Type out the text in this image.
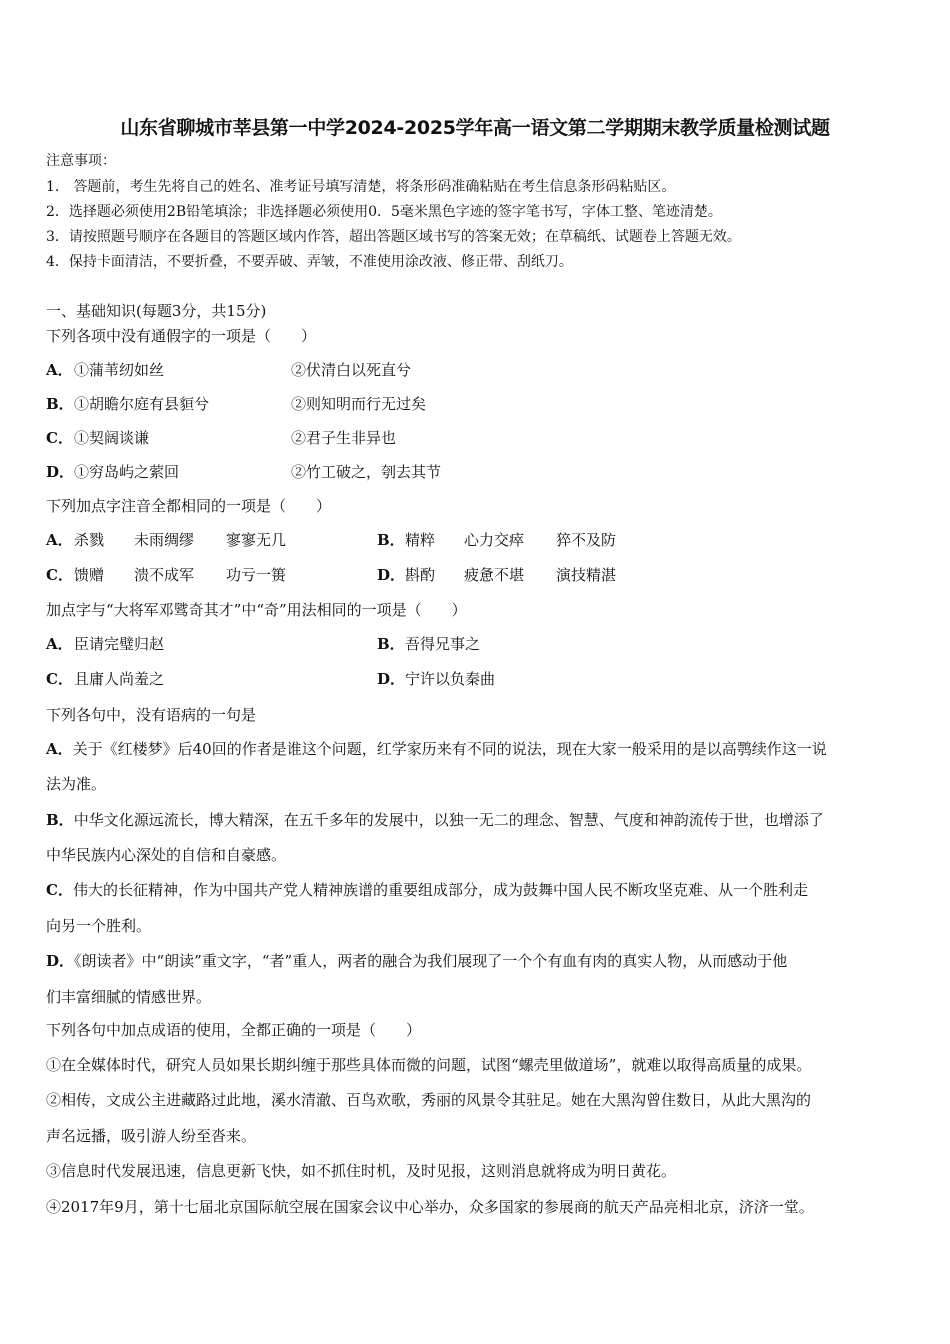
山东省聊城市莘县第一中学2024-2025学年高一语文第二学期期末教学质量检测试题
注意事项：
1.　答题前，考生先将自己的姓名、准考证号填写清楚，将条形码准确粘贴在考生信息条形码粘贴区。
2．选择题必须使用2B铅笔填涂；非选择题必须使用0．5毫米黑色字迹的签字笔书写，字体工整、笔迹清楚。
3．请按照题号顺序在各题目的答题区域内作答，超出答题区域书写的答案无效；在草稿纸、试题卷上答题无效。
4．保持卡面清洁，不要折叠，不要弄破、弄皱，不准使用涂改液、修正带、刮纸刀。
一、基础知识(每题3分，共15分)
下列各项中没有通假字的一项是（　　）
A． ①蒲苇纫如丝	②伏清白以死直兮
B． ①胡瞻尔庭有县貆兮	②则知明而行无过矣
C． ①契阔谈谦	②君子生非异也
D． ①穷岛屿之萦回	②竹工破之，刳去其节
下列加点字注音全都相同的一项是（　　）
A． 杀戮 未雨绸缪 寥寥无几	B． 精粹 心力交瘁 猝不及防
C． 馈赠 溃不成军 功亏一篑	D． 斟酌 疲惫不堪 演技精湛
加点字与“大将军邓骘奇其才”中“奇”用法相同的一项是（　　）
A． 臣请完璧归赵	B． 吾得兄事之
C． 且庸人尚羞之	D． 宁许以负秦曲
下列各句中，没有语病的一句是
A．关于《红楼梦》后40回的作者是谁这个问题，红学家历来有不同的说法，现在大家一般采用的是以高鹗续作这一说
法为准。
B．中华文化源远流长，博大精深，在五千多年的发展中，以独一无二的理念、智慧、气度和神韵流传于世，也增添了
中华民族内心深处的自信和自豪感。
C．伟大的长征精神，作为中国共产党人精神族谱的重要组成部分，成为鼓舞中国人民不断攻坚克难、从一个胜利走
向另一个胜利。
D．《朗读者》中“朗读”重文字，“者”重人，两者的融合为我们展现了一个个有血有肉的真实人物，从而感动于他
们丰富细腻的情感世界。
下列各句中加点成语的使用，全都正确的一项是（　　）
①在全媒体时代，研究人员如果长期纠缠于那些具体而微的问题，试图“螺壳里做道场”，就难以取得高质量的成果。
②相传，文成公主进藏路过此地，溪水清澈、百鸟欢歌，秀丽的风景令其驻足。她在大黑沟曾住数日，从此大黑沟的
声名远播，吸引游人纷至沓来。
③信息时代发展迅速，信息更新飞快，如不抓住时机，及时见报，这则消息就将成为明日黄花。
④2017年9月，第十七届北京国际航空展在国家会议中心举办，众多国家的参展商的航天产品亮相北京，济济一堂。
